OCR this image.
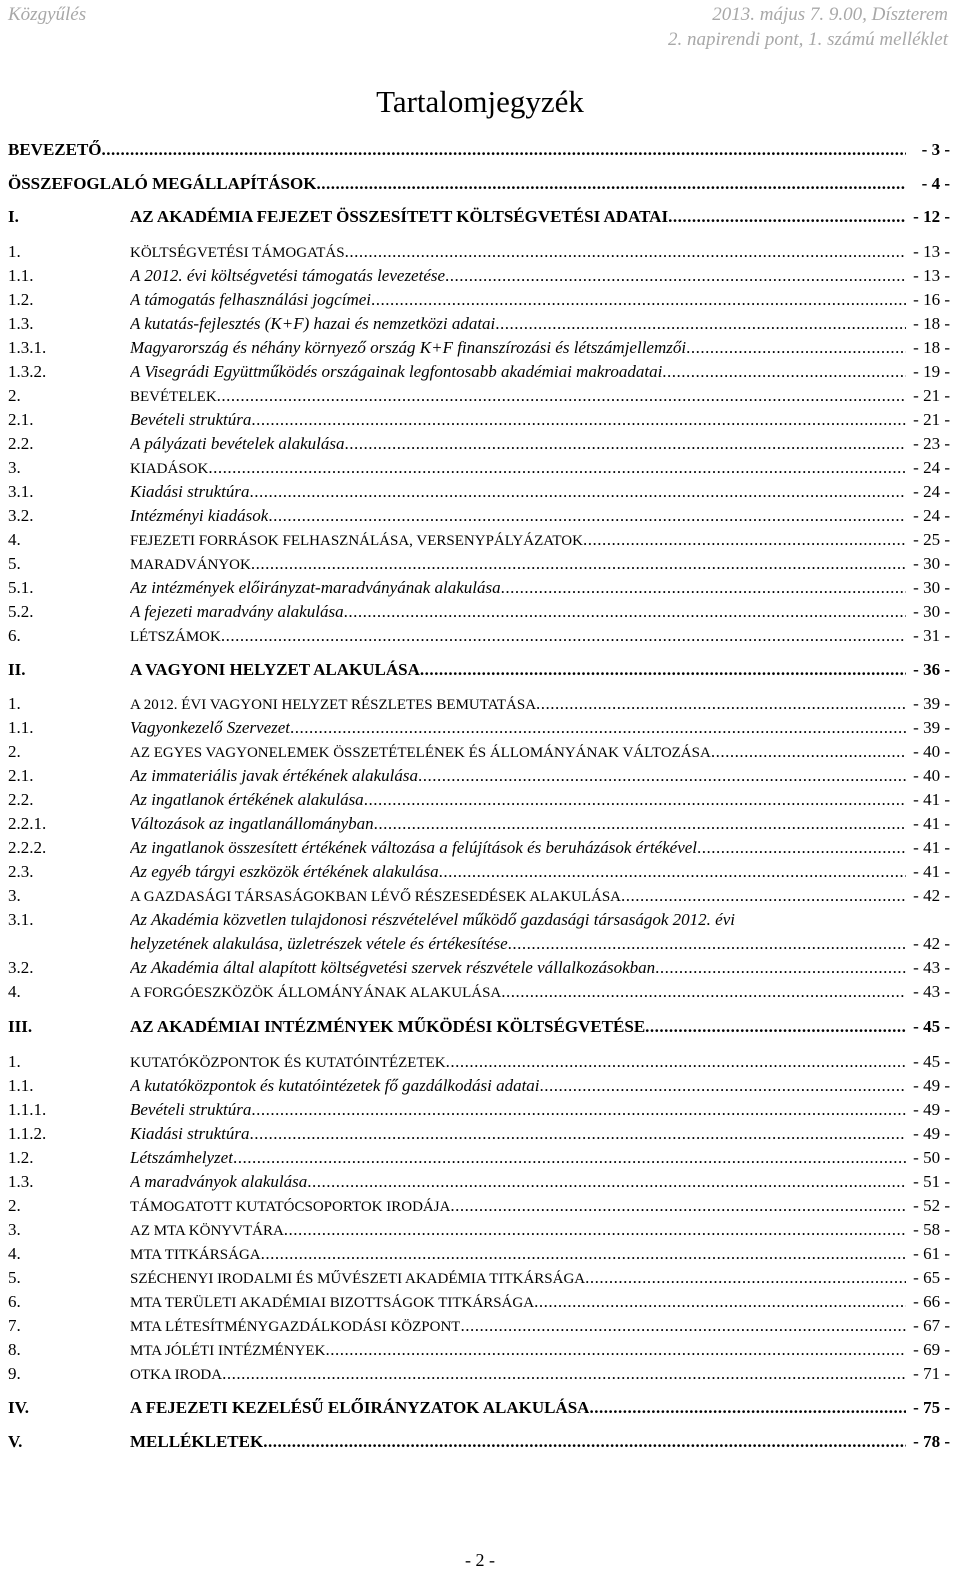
Közgyűlés	2013. május 7. 9.00, Díszterem
2. napirendi pont, 1. számú melléklet
Tartalomjegyzék
BEVEZETŐ .....	- 3 -
ÖSSZEFOGLALÓ MEGÁLLAPÍTÁSOK .....	- 4 -
I.	AZ AKADÉMIA FEJEZET ÖSSZESÍTETT KÖLTSÉGVETÉSI ADATAI .....	- 12 -
1.	KÖLTSÉGVETÉSI TÁMOGATÁS .....	- 13 -
1.1.	A 2012. évi költségvetési támogatás levezetése .....	- 13 -
1.2.	A támogatás felhasználási jogcímei .....	- 16 -
1.3.	A kutatás-fejlesztés (K+F) hazai és nemzetközi adatai .....	- 18 -
1.3.1.	Magyarország és néhány környező ország K+F finanszírozási és létszámjellemzői .....	- 18 -
1.3.2.	A Visegrádi Együttműködés országainak legfontosabb akadémiai makroadatai .....	- 19 -
2.	BEVÉTELEK .....	- 21 -
2.1.	Bevételi struktúra .....	- 21 -
2.2.	A pályázati bevételek alakulása .....	- 23 -
3.	KIADÁSOK .....	- 24 -
3.1.	Kiadási struktúra .....	- 24 -
3.2.	Intézményi kiadások .....	- 24 -
4.	FEJEZETI FORRÁSOK FELHASZNÁLÁSA, VERSENYPÁLYÁZATOK .....	- 25 -
5.	MARADVÁNYOK .....	- 30 -
5.1.	Az intézmények előirányzat-maradványának alakulása .....	- 30 -
5.2.	A fejezeti maradvány alakulása .....	- 30 -
6.	LÉTSZÁMOK .....	- 31 -
II.	A VAGYONI HELYZET ALAKULÁSA .....	- 36 -
1.	A 2012. ÉVI VAGYONI HELYZET RÉSZLETES BEMUTATÁSA .....	- 39 -
1.1.	Vagyonkezelő Szervezet .....	- 39 -
2.	AZ EGYES VAGYONELEMEK ÖSSZETÉTELÉNEK ÉS ÁLLOMÁNYÁNAK VÁLTOZÁSA .....	- 40 -
2.1.	Az immateriális javak értékének alakulása .....	- 40 -
2.2.	Az ingatlanok értékének alakulása .....	- 41 -
2.2.1.	Változások az ingatlanállományban .....	- 41 -
2.2.2.	Az ingatlanok összesített értékének változása a felújítások és beruházások értékével .....	- 41 -
2.3.	Az egyéb tárgyi eszközök értékének alakulása .....	- 41 -
3.	A GAZDASÁGI TÁRSASÁGOKBAN LÉVŐ RÉSZESEDÉSEK ALAKULÁSA .....	- 42 -
3.1.	Az Akadémia közvetlen tulajdonosi részvételével működő gazdasági társaságok 2012. évi
helyzetének alakulása, üzletrészek vétele és értékesítése .....	- 42 -
3.2.	Az Akadémia által alapított költségvetési szervek részvétele vállalkozásokban .....	- 43 -
4.	A FORGÓESZKÖZÖK ÁLLOMÁNYÁNAK ALAKULÁSA .....	- 43 -
III.	AZ AKADÉMIAI INTÉZMÉNYEK MŰKÖDÉSI KÖLTSÉGVETÉSE .....	- 45 -
1.	KUTATÓKÖZPONTOK ÉS KUTATÓINTÉZETEK .....	- 45 -
1.1.	A kutatóközpontok és kutatóintézetek fő gazdálkodási adatai .....	- 49 -
1.1.1.	Bevételi struktúra .....	- 49 -
1.1.2.	Kiadási struktúra .....	- 49 -
1.2.	Létszámhelyzet .....	- 50 -
1.3.	A maradványok alakulása .....	- 51 -
2.	TÁMOGATOTT KUTATÓCSOPORTOK IRODÁJA .....	- 52 -
3.	AZ MTA KÖNYVTÁRA .....	- 58 -
4.	MTA TITKÁRSÁGA .....	- 61 -
5.	SZÉCHENYI IRODALMI ÉS MŰVÉSZETI AKADÉMIA TITKÁRSÁGA .....	- 65 -
6.	MTA TERÜLETI AKADÉMIAI BIZOTTSÁGOK TITKÁRSÁGA .....	- 66 -
7.	MTA LÉTESÍTMÉNYGAZDÁLKODÁSI KÖZPONT .....	- 67 -
8.	MTA JÓLÉTI INTÉZMÉNYEK .....	- 69 -
9.	OTKA IRODA .....	- 71 -
IV.	A FEJEZETI KEZELÉSŰ ELŐIRÁNYZATOK ALAKULÁSA .....	- 75 -
V.	MELLÉKLETEK .....	- 78 -
- 2 -
